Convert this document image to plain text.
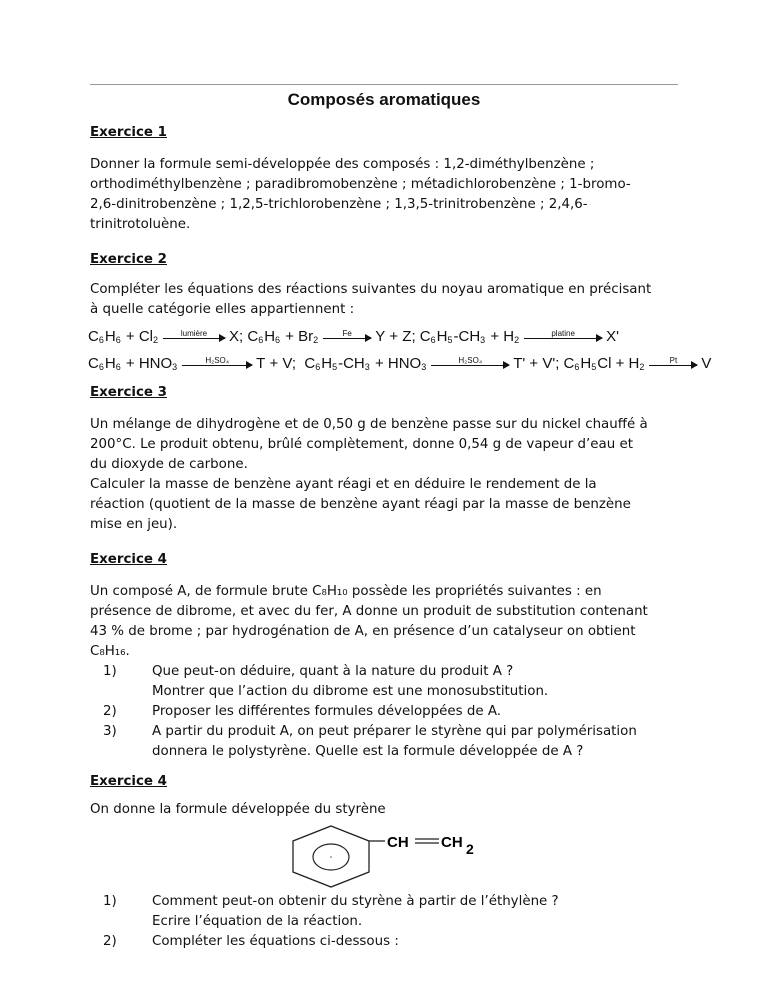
Composés aromatiques
Exercice 1
Donner la formule semi-développée des composés : 1,2-diméthylbenzène ;
orthodiméthylbenzène ; paradibromobenzène ; métadichlorobenzène ; 1-bromo-
2,6-dinitrobenzène ; 1,2,5-trichlorobenzène ; 1,3,5-trinitrobenzène ; 2,4,6-
trinitrotoluène.
Exercice 2
Compléter les équations des réactions suivantes du noyau aromatique en précisant
à quelle catégorie elles appartiennent :
$C_6$ $H_6 + Cl_2$
lumière X; $C_6$ $H_6 + Br_2$
Fe Y + Z; $C_6$ $H_5$ $-CH_3 + H_2$
platine X'
$C_6$ $H_6 + HNO_3$
H₂SO₄ T + V;  $C_6$ $H_5$ $-CH_3 + HNO_3$
H₂SO₄ T' + V'; $C_6$ $H_5$ $Cl + H_2$
Pt V
Exercice 3
Un mélange de dihydrogène et de 0,50 g de benzène passe sur du nickel chauffé à
200°C. Le produit obtenu, brûlé complètement, donne 0,54 g de vapeur d’eau et
du dioxyde de carbone.
Calculer la masse de benzène ayant réagi et en déduire le rendement de la
réaction (quotient de la masse de benzène ayant réagi par la masse de benzène
mise en jeu).
Exercice 4
Un composé A, de formule brute C₈H₁₀ possède les propriétés suivantes : en
présence de dibrome, et avec du fer, A donne un produit de substitution contenant
43 % de brome ; par hydrogénation de A, en présence d’un catalyseur on obtient
C₈H₁₆.
1)	Que peut-on déduire, quant à la nature du produit A ?
Montrer que l’action du dibrome est une monosubstitution.
2)	Proposer les différentes formules développées de A.
3)	A partir du produit A, on peut préparer le styrène qui par polymérisation
donnera le polystyrène. Quelle est la formule développée de A ?
Exercice 4
On donne la formule développée du styrène
CH CH 2
1)	Comment peut-on obtenir du styrène à partir de l’éthylène ?
Ecrire l’équation de la réaction.
2)	Compléter les équations ci-dessous :
